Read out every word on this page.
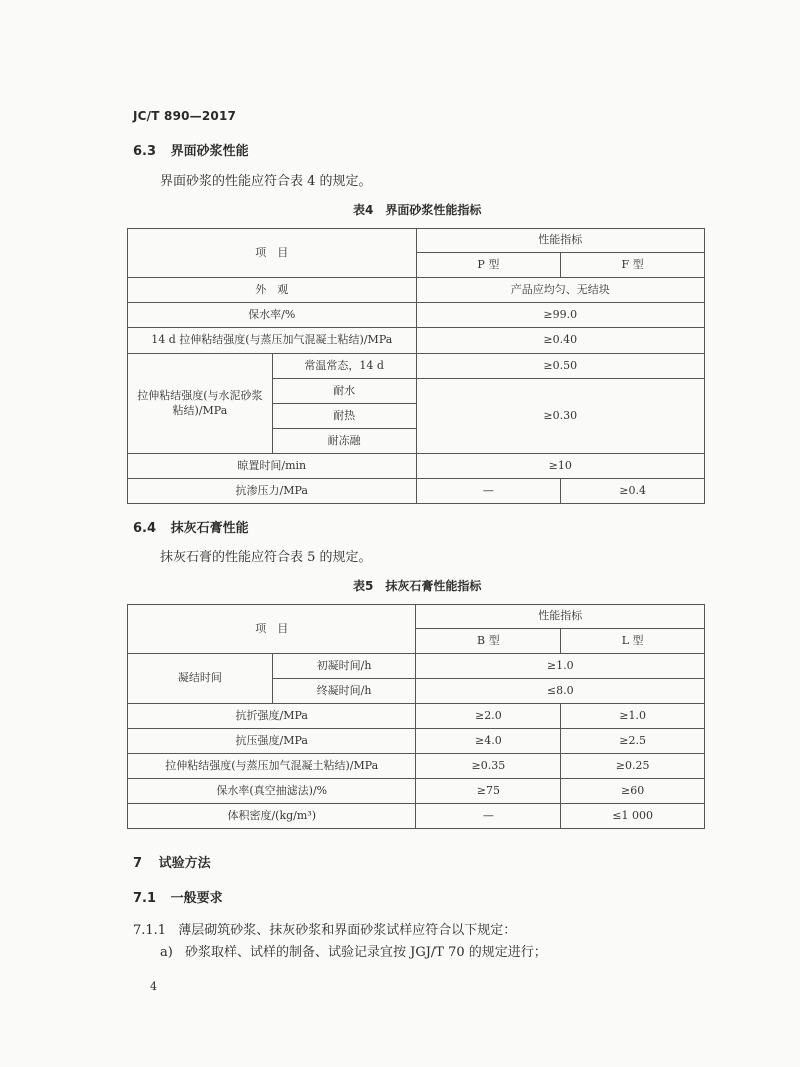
JC/T 890—2017
6.3 界面砂浆性能
界面砂浆的性能应符合表 4 的规定。
表4　界面砂浆性能指标
项　目		性能指标	
		P 型	F 型
外　观		产品应均匀、无结块	
保水率/%		≥99.0	
14 d 拉伸粘结强度(与蒸压加气混凝土粘结)/MPa		≥0.40	
拉伸粘结强度(与水泥砂浆粘结)/MPa	常温常态，14 d	≥0.50	
	耐水	≥0.30	
	耐热		
	耐冻融		
晾置时间/min		≥10	
抗渗压力/MPa		—	≥0.4
6.4 抹灰石膏性能
抹灰石膏的性能应符合表 5 的规定。
表5　抹灰石膏性能指标
项　目		性能指标	
		B 型	L 型
凝结时间	初凝时间/h	≥1.0	
	终凝时间/h	≤8.0	
抗折强度/MPa		≥2.0	≥1.0
抗压强度/MPa		≥4.0	≥2.5
拉伸粘结强度(与蒸压加气混凝土粘结)/MPa		≥0.35	≥0.25
保水率(真空抽滤法)/%		≥75	≥60
体积密度/(kg/m³)		—	≤1 000
7 试验方法
7.1 一般要求
7.1.1 薄层砌筑砂浆、抹灰砂浆和界面砂浆试样应符合以下规定：
a) 砂浆取样、试样的制备、试验记录宜按 JGJ/T 70 的规定进行；
4
